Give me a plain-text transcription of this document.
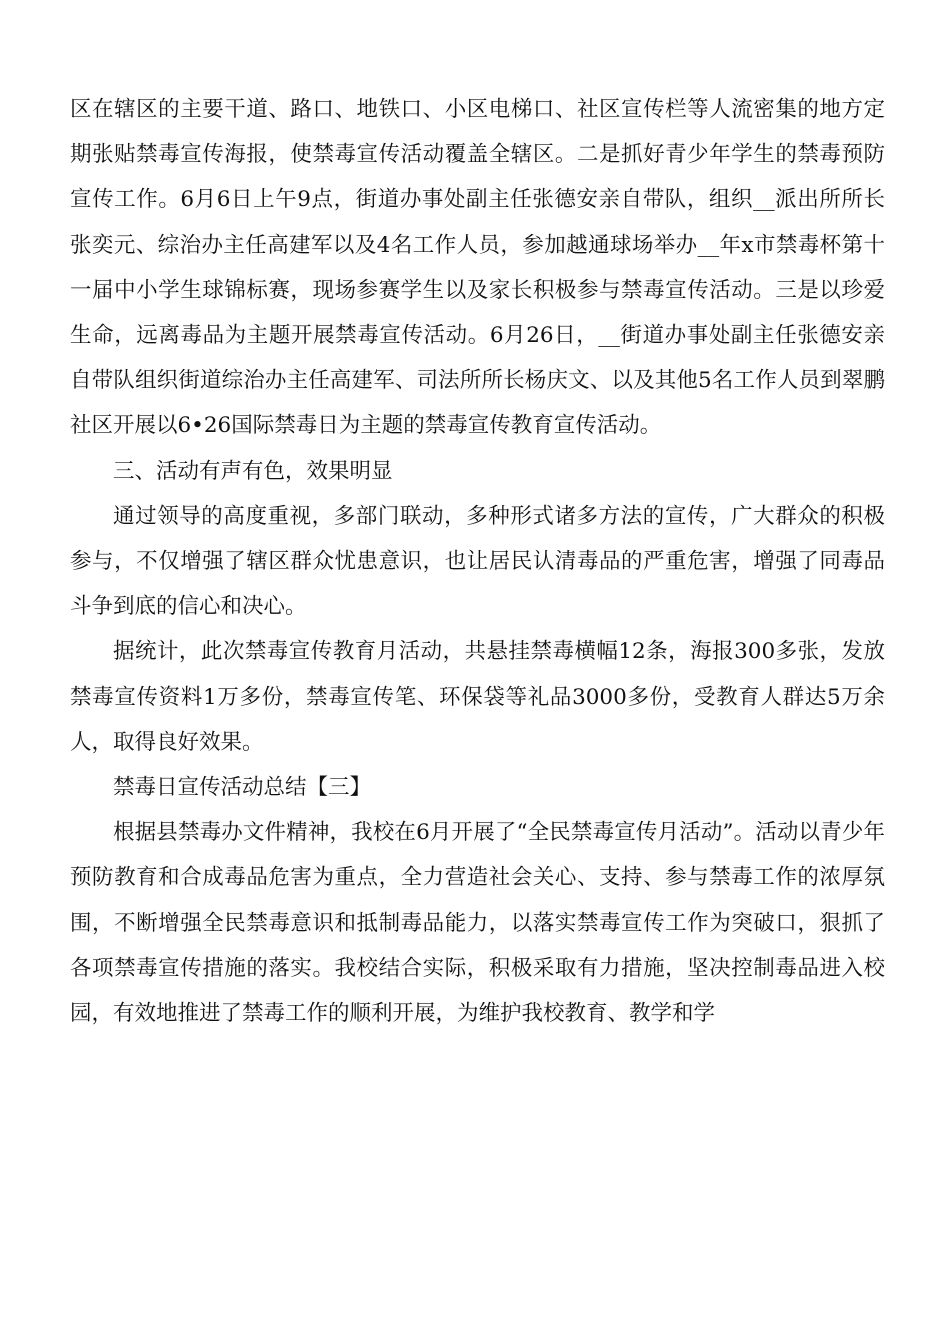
区在辖区的主要干道、路口、地铁口、小区电梯口、社区宣传栏等人流密集的地方定期张贴禁毒宣传海报，使禁毒宣传活动覆盖全辖区。二是抓好青少年学生的禁毒预防宣传工作。6月6日上午9点，街道办事处副主任张德安亲自带队，组织__派出所所长张奕元、综治办主任高建军以及4名工作人员，参加越通球场举办__年x市禁毒杯第十一届中小学生球锦标赛，现场参赛学生以及家长积极参与禁毒宣传活动。三是以珍爱生命，远离毒品为主题开展禁毒宣传活动。6月26日，__街道办事处副主任张德安亲自带队组织街道综治办主任高建军、司法所所长杨庆文、以及其他5名工作人员到翠鹏社区开展以6•26国际禁毒日为主题的禁毒宣传教育宣传活动。

三、活动有声有色，效果明显

通过领导的高度重视，多部门联动，多种形式诸多方法的宣传，广大群众的积极参与，不仅增强了辖区群众忧患意识，也让居民认清毒品的严重危害，增强了同毒品斗争到底的信心和决心。

据统计，此次禁毒宣传教育月活动，共悬挂禁毒横幅12条，海报300多张，发放禁毒宣传资料1万多份，禁毒宣传笔、环保袋等礼品3000多份，受教育人群达5万余人，取得良好效果。

禁毒日宣传活动总结【三】

根据县禁毒办文件精神，我校在6月开展了“全民禁毒宣传月活动”。活动以青少年预防教育和合成毒品危害为重点，全力营造社会关心、支持、参与禁毒工作的浓厚氛围，不断增强全民禁毒意识和抵制毒品能力，以落实禁毒宣传工作为突破口，狠抓了各项禁毒宣传措施的落实。我校结合实际，积极采取有力措施，坚决控制毒品进入校园，有效地推进了禁毒工作的顺利开展，为维护我校教育、教学和学
